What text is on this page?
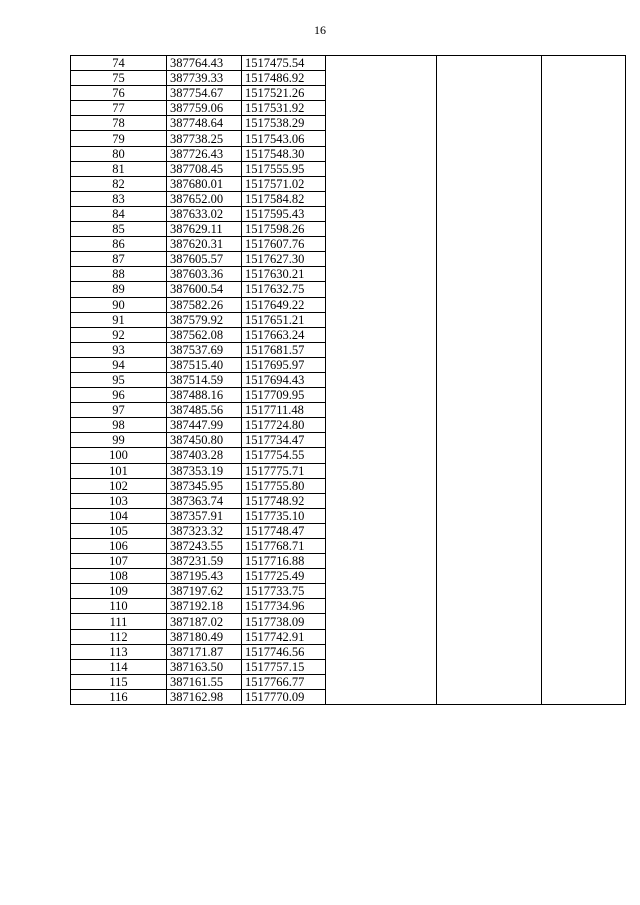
16
74	387764.43	1517475.54			
75	387739.33	1517486.92			
76	387754.67	1517521.26			
77	387759.06	1517531.92			
78	387748.64	1517538.29			
79	387738.25	1517543.06			
80	387726.43	1517548.30			
81	387708.45	1517555.95			
82	387680.01	1517571.02			
83	387652.00	1517584.82			
84	387633.02	1517595.43			
85	387629.11	1517598.26			
86	387620.31	1517607.76			
87	387605.57	1517627.30			
88	387603.36	1517630.21			
89	387600.54	1517632.75			
90	387582.26	1517649.22			
91	387579.92	1517651.21			
92	387562.08	1517663.24			
93	387537.69	1517681.57			
94	387515.40	1517695.97			
95	387514.59	1517694.43			
96	387488.16	1517709.95			
97	387485.56	1517711.48			
98	387447.99	1517724.80			
99	387450.80	1517734.47			
100	387403.28	1517754.55			
101	387353.19	1517775.71			
102	387345.95	1517755.80			
103	387363.74	1517748.92			
104	387357.91	1517735.10			
105	387323.32	1517748.47			
106	387243.55	1517768.71			
107	387231.59	1517716.88			
108	387195.43	1517725.49			
109	387197.62	1517733.75			
110	387192.18	1517734.96			
111	387187.02	1517738.09			
112	387180.49	1517742.91			
113	387171.87	1517746.56			
114	387163.50	1517757.15			
115	387161.55	1517766.77			
116	387162.98	1517770.09			
